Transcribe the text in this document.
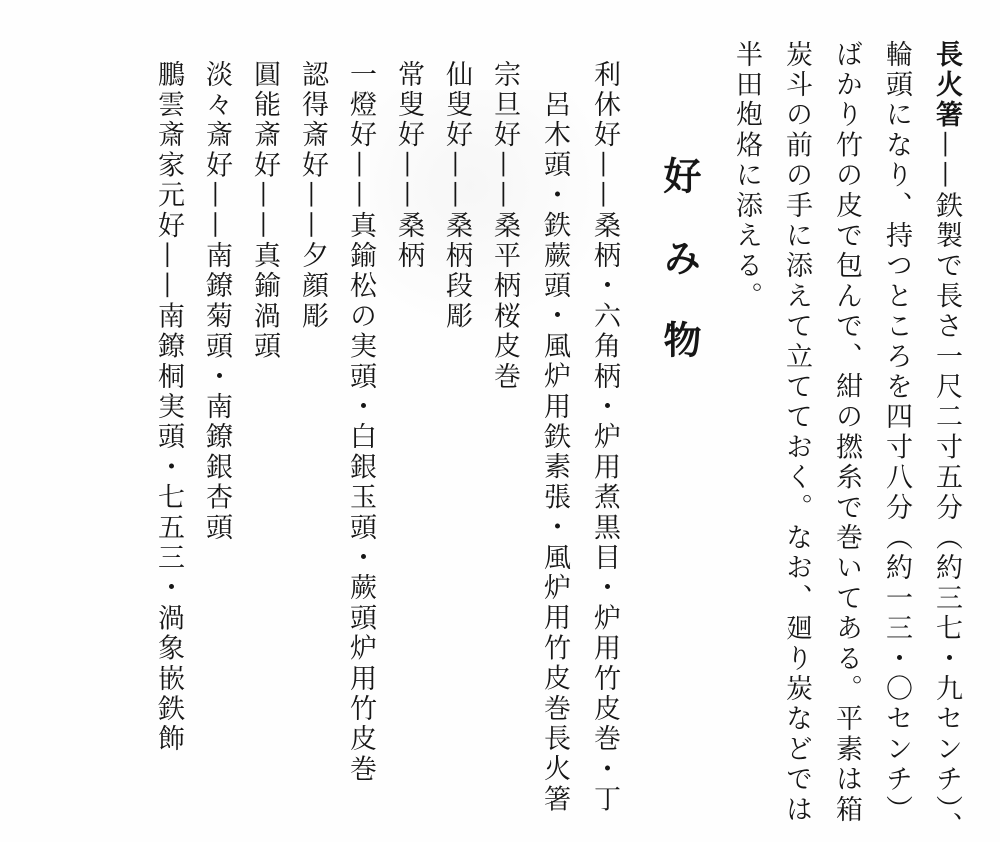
長火箸——鉄製で長さ一尺二寸五分（約三七・九センチ）、
輪頭になり、持つところを四寸八分（約一三・〇センチ）
ばかり竹の皮で包んで、紺の撚糸で巻いてある。平素は箱
炭斗の前の手に添えて立てておく。なお、廻り炭などでは
半田炮烙に添える。
好み物
利休好——桑柄・六角柄・炉用煮黒目・炉用竹皮巻・丁
呂木頭・鉄蕨頭・風炉用鉄素張・風炉用竹皮巻長火箸
宗旦好——桑平柄桜皮巻
仙叟好——桑柄段彫
常叟好——桑柄
一燈好——真鍮松の実頭・白銀玉頭・蕨頭炉用竹皮巻
認得斎好——夕顔彫
圓能斎好——真鍮渦頭
淡々斎好——南鐐菊頭・南鐐銀杏頭
鵬雲斎家元好——南鐐桐実頭・七五三・渦象嵌鉄飾
